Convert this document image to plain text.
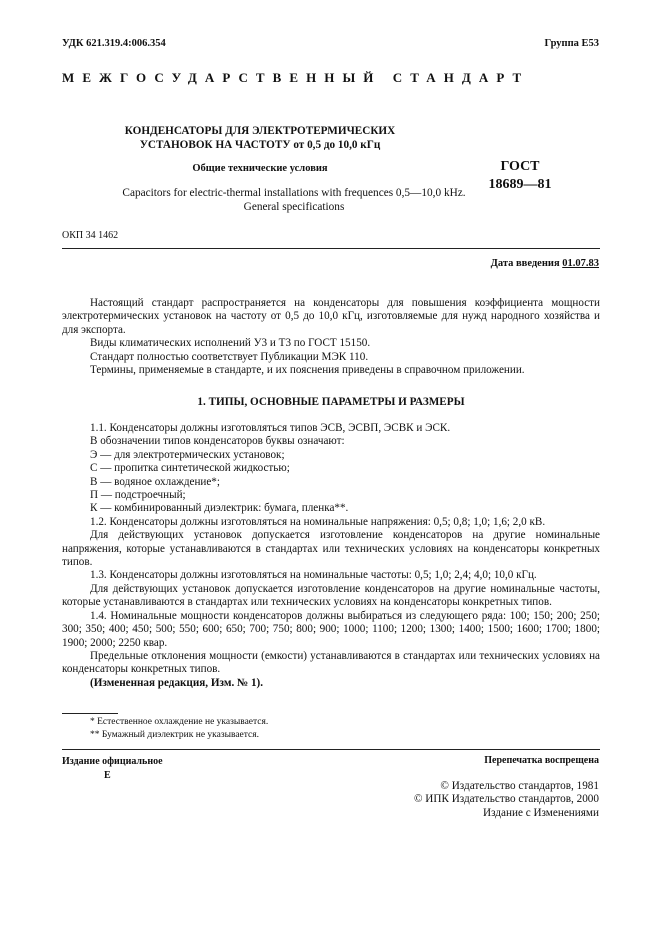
УДК 621.319.4:006.354	Группа Е53
МЕЖГОСУДАРСТВЕННЫЙ СТАНДАРТ
КОНДЕНСАТОРЫ ДЛЯ ЭЛЕКТРОТЕРМИЧЕСКИХ
УСТАНОВОК НА ЧАСТОТУ от 0,5 до 10,0 кГц
Общие технические условия	ГОСТ
18689—81
Capacitors for electric-thermal installations with frequences 0,5—10,0 kHz.
General specifications
ОКП 34 1462
Дата введения 01.07.83

Настоящий стандарт распространяется на конденсаторы для повышения коэффициента мощности электротермических установок на частоту от 0,5 до 10,0 кГц, изготовляемые для нужд народного хозяйства и для экспорта.

Виды климатических исполнений У3 и Т3 по ГОСТ 15150.

Стандарт полностью соответствует Публикации МЭК 110.

Термины, применяемые в стандарте, и их пояснения приведены в справочном приложении.

1. ТИПЫ, ОСНОВНЫЕ ПАРАМЕТРЫ И РАЗМЕРЫ

1.1. Конденсаторы должны изготовляться типов ЭСВ, ЭСВП, ЭСВК и ЭСК.

В обозначении типов конденсаторов буквы означают:

Э — для электротермических установок;

С — пропитка синтетической жидкостью;

В — водяное охлаждение*;

П — подстроечный;

К — комбинированный диэлектрик: бумага, пленка**.

1.2. Конденсаторы должны изготовляться на номинальные напряжения: 0,5; 0,8; 1,0; 1,6; 2,0 кВ.

Для действующих установок допускается изготовление конденсаторов на другие номинальные напряжения, которые устанавливаются в стандартах или технических условиях на конденсаторы конкретных типов.

1.3. Конденсаторы должны изготовляться на номинальные частоты: 0,5; 1,0; 2,4; 4,0; 10,0 кГц.

Для действующих установок допускается изготовление конденсаторов на другие номинальные частоты, которые устанавливаются в стандартах или технических условиях на конденсаторы конкретных типов.

1.4. Номинальные мощности конденсаторов должны выбираться из следующего ряда: 100; 150; 200; 250; 300; 350; 400; 450; 500; 550; 600; 650; 700; 750; 800; 900; 1000; 1100; 1200; 1300; 1400; 1500; 1600; 1700; 1800; 1900; 2000; 2250 квар.

Предельные отклонения мощности (емкости) устанавливаются в стандартах или технических условиях на конденсаторы конкретных типов.

(Измененная редакция, Изм. № 1).

* Естественное охлаждение не указывается.

** Бумажный диэлектрик не указывается.

Издание официальное
Е
Перепечатка воспрещена
© Издательство стандартов, 1981
© ИПК Издательство стандартов, 2000
Издание с Изменениями
